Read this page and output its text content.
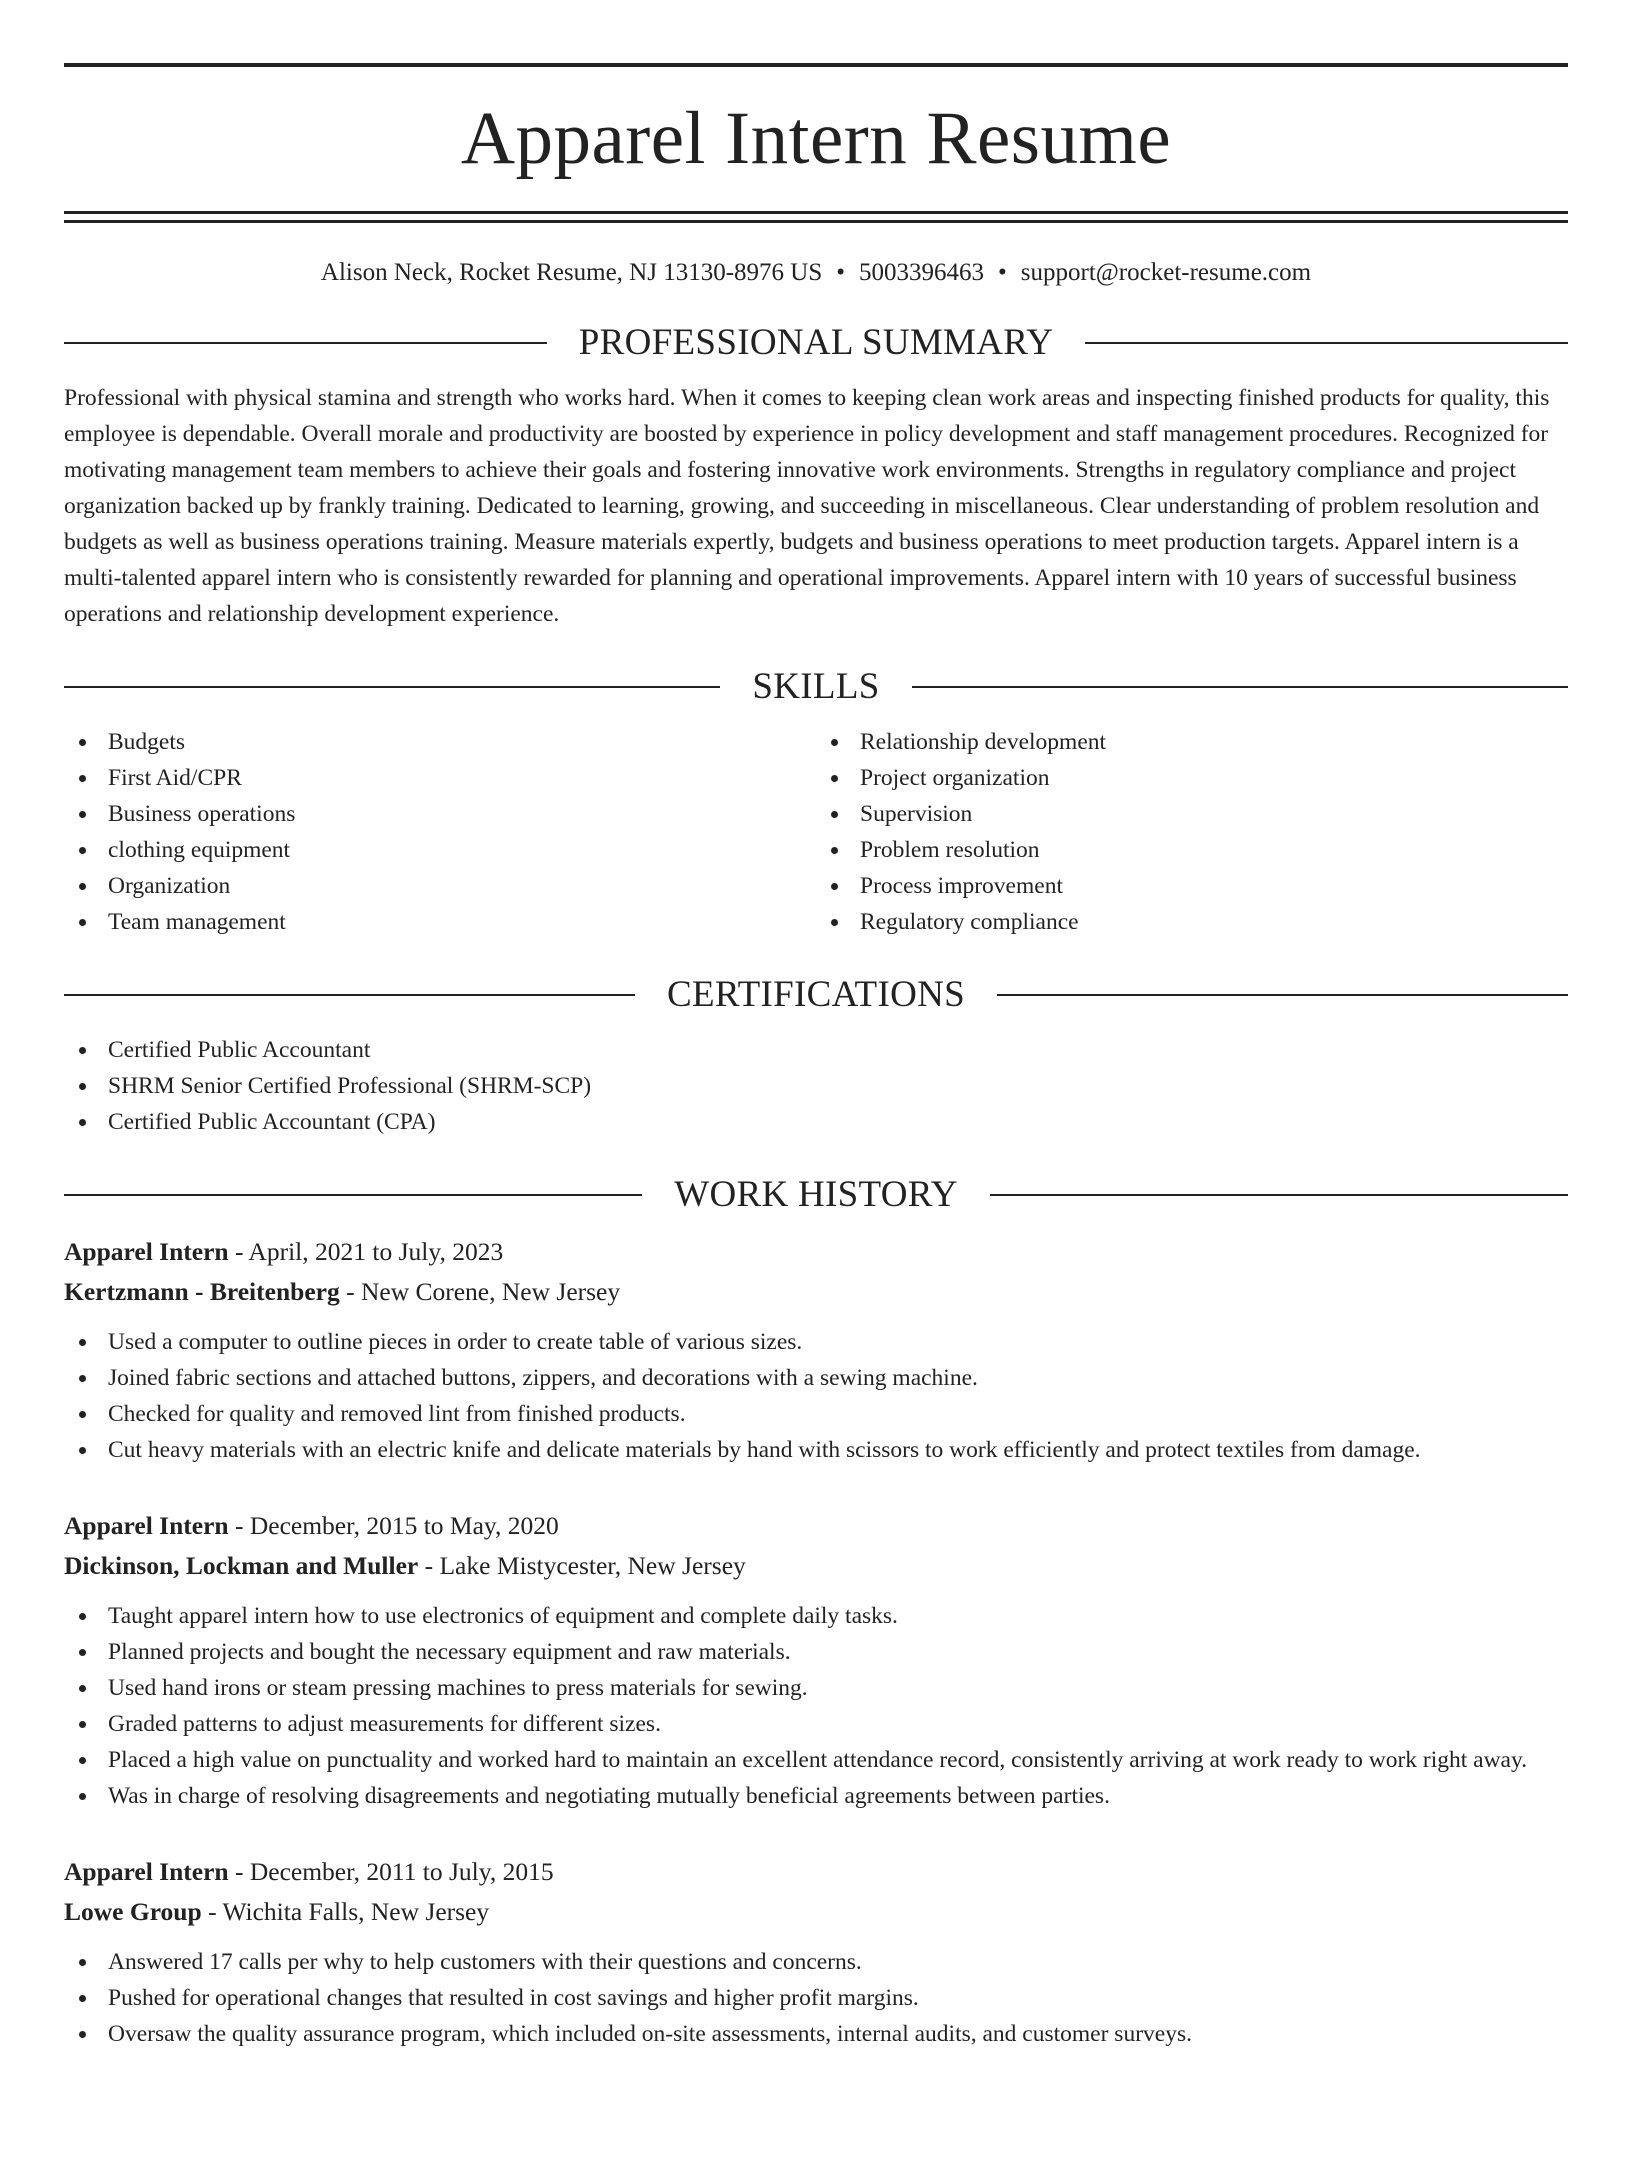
Apparel Intern Resume
Alison Neck, Rocket Resume, NJ 13130-8976 US • 5003396463 • support@rocket-resume.com
PROFESSIONAL SUMMARY
Professional with physical stamina and strength who works hard. When it comes to keeping clean work areas and inspecting finished products for quality, this employee is dependable. Overall morale and productivity are boosted by experience in policy development and staff management procedures. Recognized for motivating management team members to achieve their goals and fostering innovative work environments. Strengths in regulatory compliance and project organization backed up by frankly training. Dedicated to learning, growing, and succeeding in miscellaneous. Clear understanding of problem resolution and budgets as well as business operations training. Measure materials expertly, budgets and business operations to meet production targets. Apparel intern is a multi-talented apparel intern who is consistently rewarded for planning and operational improvements. Apparel intern with 10 years of successful business operations and relationship development experience.
SKILLS
Budgets
First Aid/CPR
Business operations
clothing equipment
Organization
Team management
Relationship development
Project organization
Supervision
Problem resolution
Process improvement
Regulatory compliance
CERTIFICATIONS
Certified Public Accountant
SHRM Senior Certified Professional (SHRM-SCP)
Certified Public Accountant (CPA)
WORK HISTORY
Apparel Intern - April, 2021 to July, 2023
Kertzmann - Breitenberg - New Corene, New Jersey
Used a computer to outline pieces in order to create table of various sizes.
Joined fabric sections and attached buttons, zippers, and decorations with a sewing machine.
Checked for quality and removed lint from finished products.
Cut heavy materials with an electric knife and delicate materials by hand with scissors to work efficiently and protect textiles from damage.
Apparel Intern - December, 2015 to May, 2020
Dickinson, Lockman and Muller - Lake Mistycester, New Jersey
Taught apparel intern how to use electronics of equipment and complete daily tasks.
Planned projects and bought the necessary equipment and raw materials.
Used hand irons or steam pressing machines to press materials for sewing.
Graded patterns to adjust measurements for different sizes.
Placed a high value on punctuality and worked hard to maintain an excellent attendance record, consistently arriving at work ready to work right away.
Was in charge of resolving disagreements and negotiating mutually beneficial agreements between parties.
Apparel Intern - December, 2011 to July, 2015
Lowe Group - Wichita Falls, New Jersey
Answered 17 calls per why to help customers with their questions and concerns.
Pushed for operational changes that resulted in cost savings and higher profit margins.
Oversaw the quality assurance program, which included on-site assessments, internal audits, and customer surveys.
